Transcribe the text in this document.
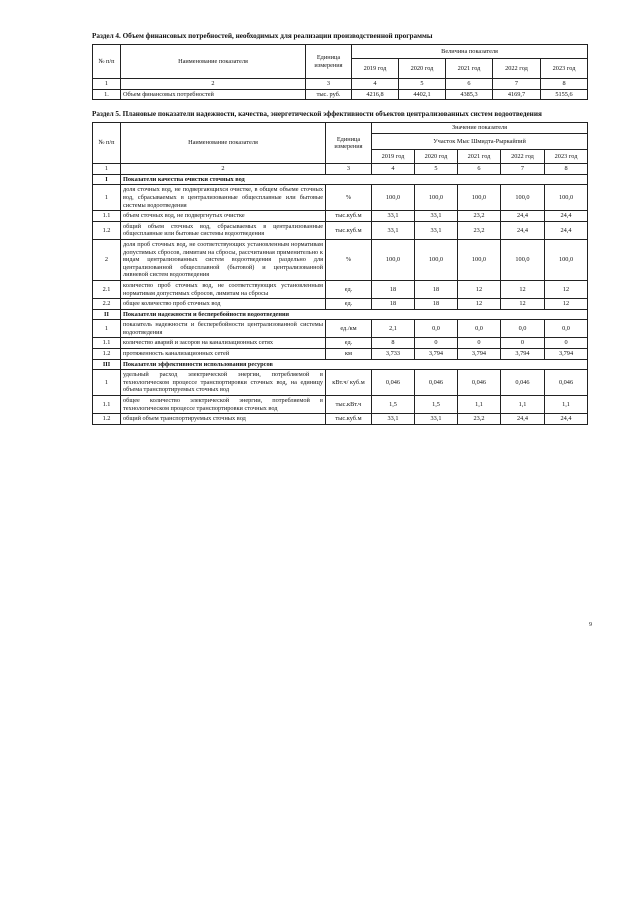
Раздел 4. Объем финансовых потребностей, необходимых для реализации производственной программы
№ п/п	Наименование показателя	Единица измерения	Величина показателя				
			2019 год	2020 год	2021 год	2022 год	2023 год
1	2	3	4	5	6	7	8
1.	Объем финансовых потребностей	тыс. руб.	4216,8	4402,1	4385,3	4169,7	5155,6
Раздел 5. Плановые показатели надежности, качества, энергетической эффективности объектов централизованных систем водоотведения
№ п/п	Наименование показателя	Единица измерения	Значение показателя				
			Участок Мыс Шмидта-Рыркайпий				
			2019 год	2020 год	2021 год	2022 год	2023 год
1	2	3	4	5	6	7	8
I	Показатели качества очистки сточных вод						
1	доля сточных вод, не подвергающихся очистке, в общем объеме сточных вод, сбрасываемых в централизованные общесплавные или бытовые системы водоотведения	%	100,0	100,0	100,0	100,0	100,0
1.1	объем сточных вод, не подвергнутых очистке	тыс.куб.м	33,1	33,1	23,2	24,4	24,4
1.2	общий объем сточных вод, сбрасываемых в централизованные общесплавные или бытовые системы водоотведения	тыс.куб.м	33,1	33,1	23,2	24,4	24,4
2	доля проб сточных вод, не соответствующих установленным нормативам допустимых сбросов, лимитам на сбросы, рассчитанная применительно к видам централизованных систем водоотведения раздельно для централизованной общесплавной (бытовой) и централизованной ливневой систем водоотведения	%	100,0	100,0	100,0	100,0	100,0
2.1	количество проб сточных вод, не соответствующих установленным нормативам допустимых сбросов, лимитам на сбросы	ед.	18	18	12	12	12
2.2	общее количество проб сточных вод	ед.	18	18	12	12	12
II	Показатели надежности и бесперебойности водоотведения						
1	показатель надежности и бесперебойности централизованной системы водоотведения	ед./км	2,1	0,0	0,0	0,0	0,0
1.1	количество аварий и засоров на канализационных сетях	ед.	8	0	0	0	0
1.2	протяженность канализационных сетей	км	3,733	3,794	3,794	3,794	3,794
III	Показатели эффективности использования ресурсов						
1	удельный расход электрической энергии, потребляемой в технологическом процессе транспортировки сточных вод, на единицу объема транспортируемых сточных вод	кВт.ч/ куб.м	0,046	0,046	0,046	0,046	0,046
1.1	общее количество электрической энергии, потребляемой в технологическом процессе транспортировки сточных вод	тыс.кВт.ч	1,5	1,5	1,1	1,1	1,1
1.2	общий объем транспортируемых сточных вод	тыс.куб.м	33,1	33,1	23,2	24,4	24,4
9
